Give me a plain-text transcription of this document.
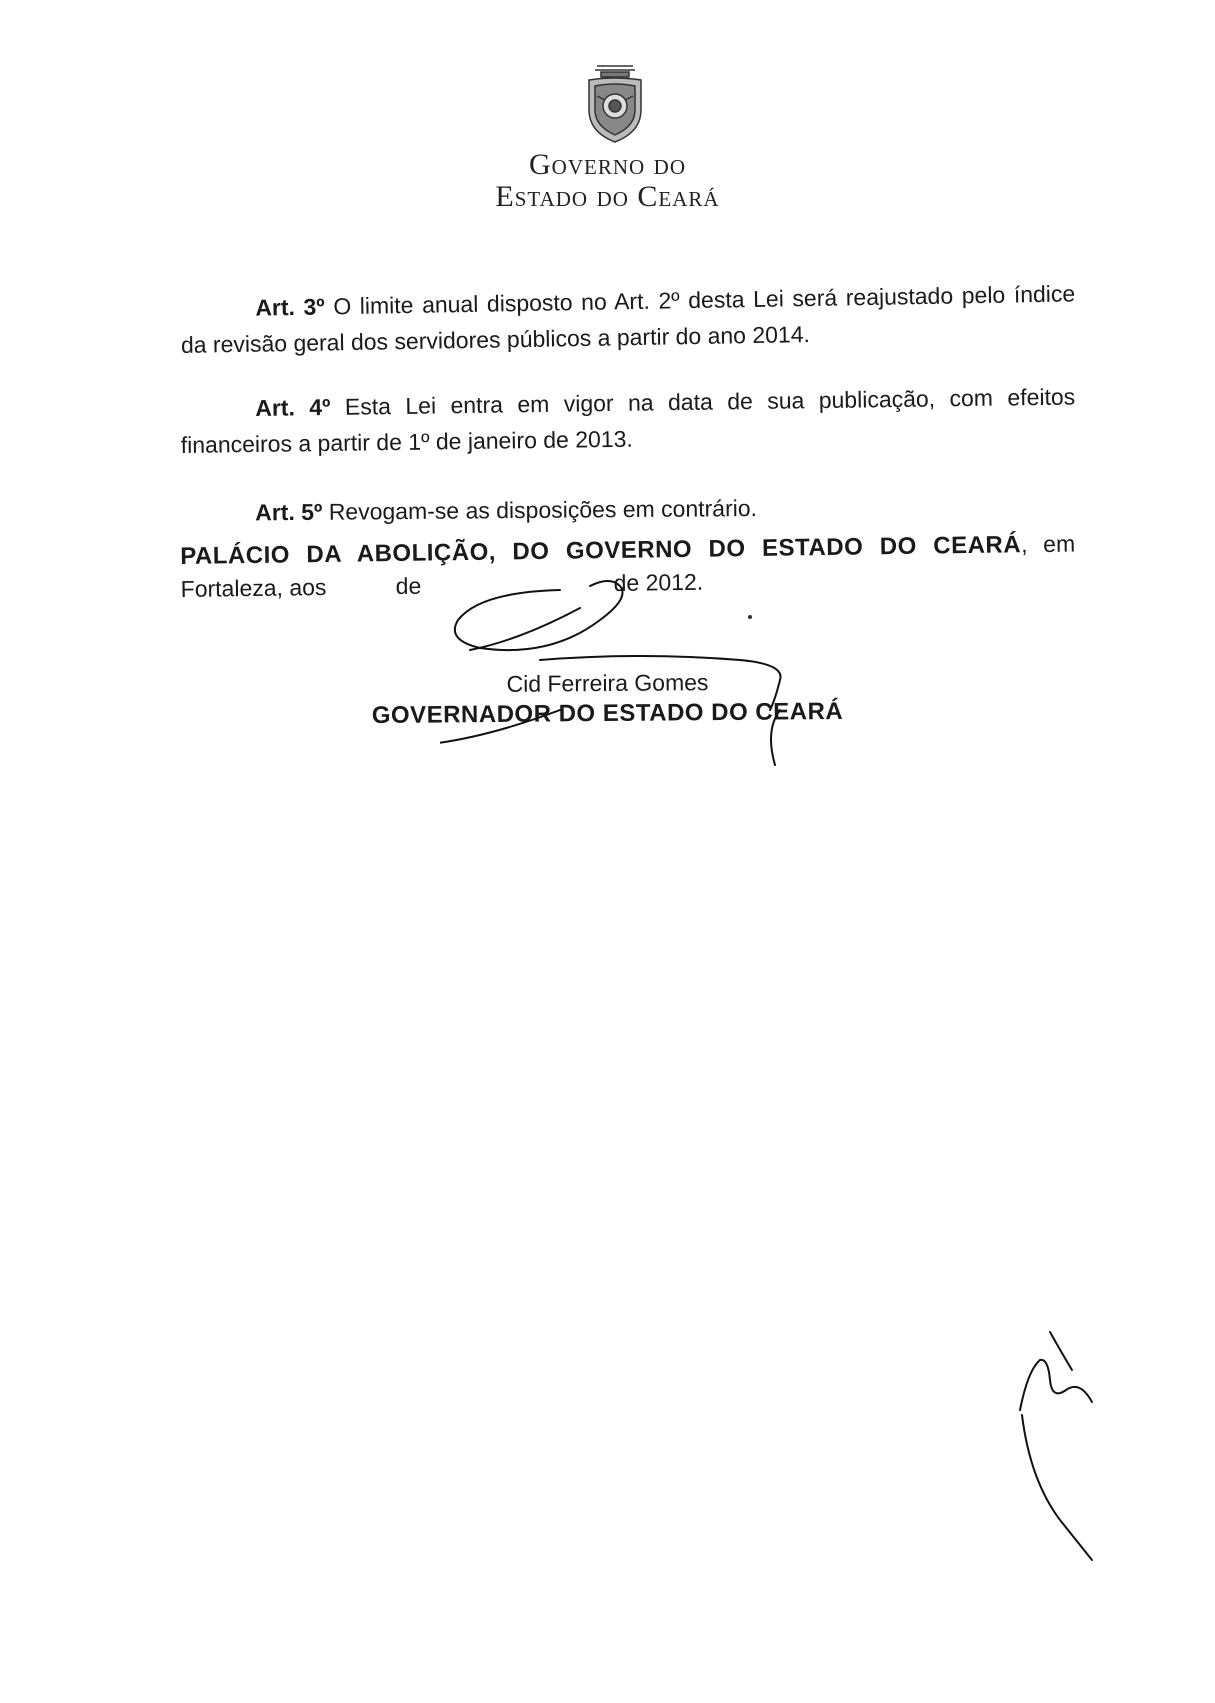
Governo do
Estado do Ceará

Art. 3º O limite anual disposto no Art. 2º desta Lei será reajustado pelo índice da revisão geral dos servidores públicos a partir do ano 2014.

Art. 4º Esta Lei entra em vigor na data de sua publicação, com efeitos financeiros a partir de 1º de janeiro de 2013.

Art. 5º Revogam-se as disposições em contrário.

PALÁCIO DA ABOLIÇÃO, DO GOVERNO DO ESTADO DO CEARÁ, em
Fortaleza, aos	de	de 2012.
Cid Ferreira Gomes
GOVERNADOR DO ESTADO DO CEARÁ
